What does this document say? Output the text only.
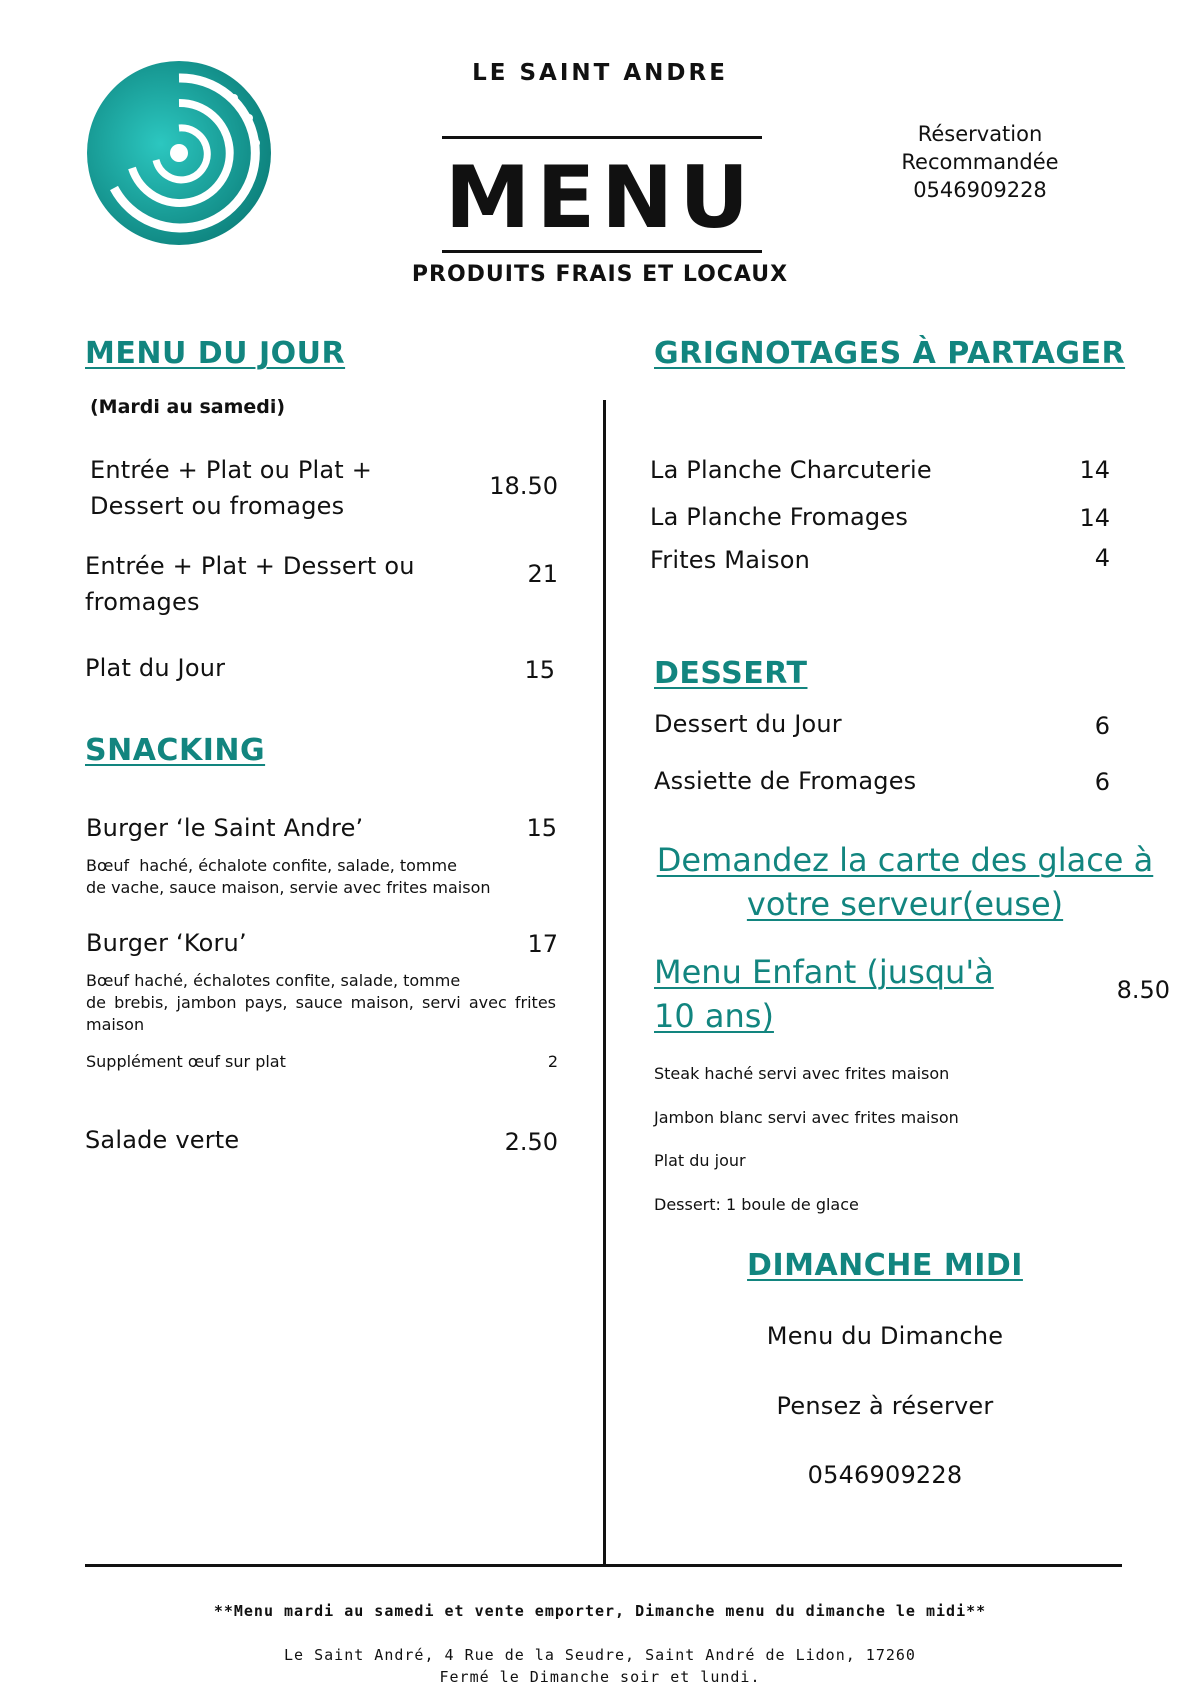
LE SAINT ANDRE
MENU
PRODUITS FRAIS ET LOCAUX
Réservation
Recommandée
0546909228
MENU DU JOUR
(Mardi au samedi)
Entrée + Plat ou Plat +
Dessert ou fromages
18.50
Entrée + Plat + Dessert ou
fromages
21
Plat du Jour	15
SNACKING
Burger ‘le Saint Andre’	15
Bœuf  haché, échalote confite, salade, tomme
de vache, sauce maison, servie avec frites maison
Burger ‘Koru’	17
Bœuf haché, échalotes confite, salade, tomme
de brebis, jambon pays, sauce maison, servi avec frites
maison
Supplément œuf sur plat	2
Salade verte	2.50
GRIGNOTAGES À PARTAGER
La Planche Charcuterie	14
La Planche Fromages	14
Frites Maison	4
DESSERT
Dessert du Jour	6
Assiette de Fromages	6
Demandez la carte des glace à
votre serveur(euse)
Menu Enfant (jusqu'à
10 ans)
8.50
Steak haché servi avec frites maison
Jambon blanc servi avec frites maison
Plat du jour
Dessert: 1 boule de glace
DIMANCHE MIDI
Menu du Dimanche
Pensez à réserver
0546909228
**Menu mardi au samedi et vente emporter, Dimanche menu du dimanche le midi**
Le Saint André, 4 Rue de la Seudre, Saint André de Lidon, 17260
Fermé le Dimanche soir et lundi.
